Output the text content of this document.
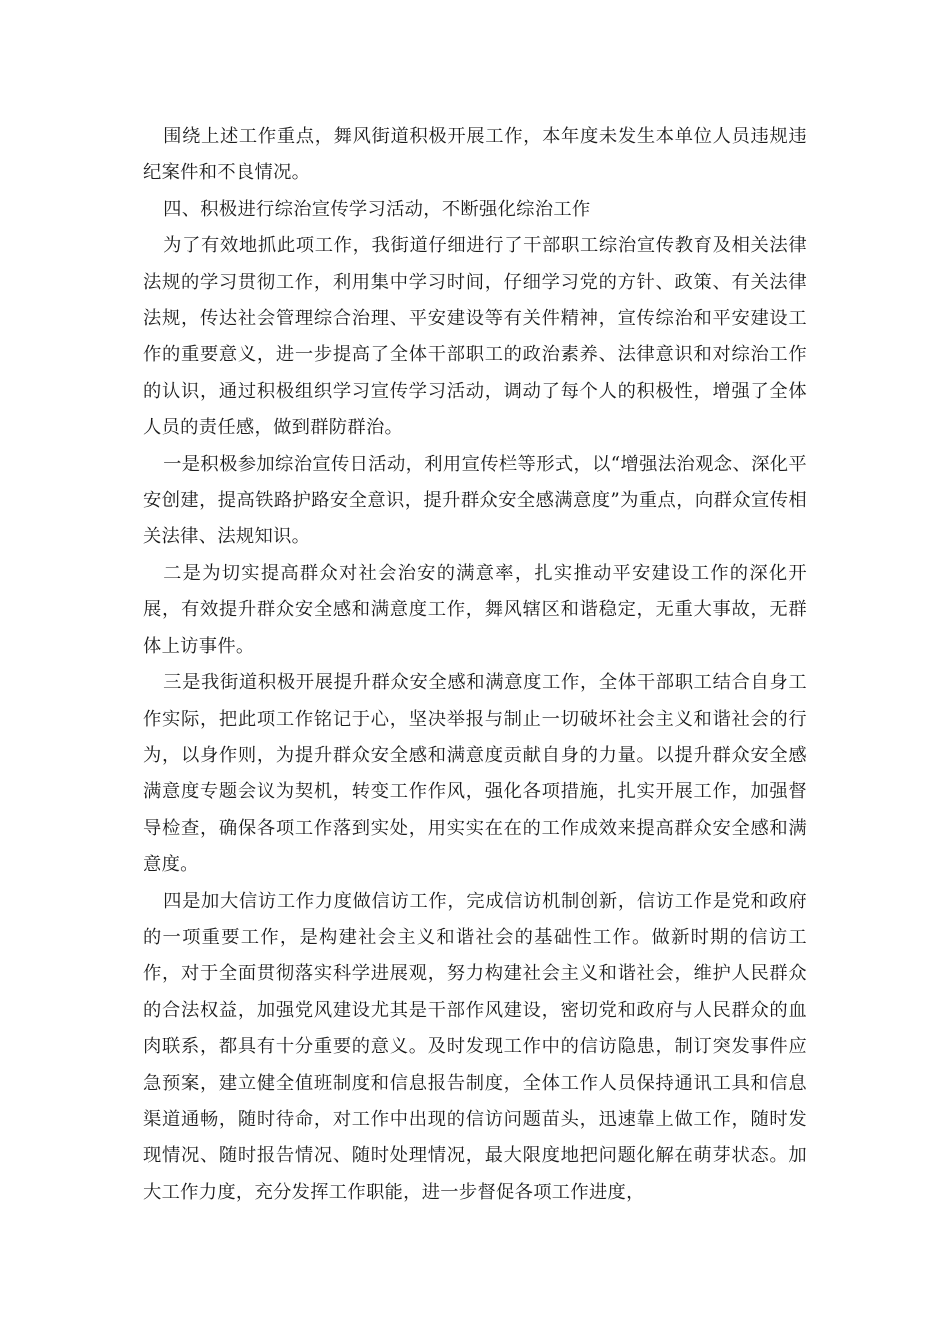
围绕上述工作重点，舞风街道积极开展工作，本年度未发生本单位人员违规违纪案件和不良情况。

四、积极进行综治宣传学习活动，不断强化综治工作

为了有效地抓此项工作，我街道仔细进行了干部职工综治宣传教育及相关法律法规的学习贯彻工作，利用集中学习时间，仔细学习党的方针、政策、有关法律法规，传达社会管理综合治理、平安建设等有关件精神，宣传综治和平安建设工作的重要意义，进一步提高了全体干部职工的政治素养、法律意识和对综治工作的认识，通过积极组织学习宣传学习活动，调动了每个人的积极性，增强了全体人员的责任感，做到群防群治。

一是积极参加综治宣传日活动，利用宣传栏等形式，以“增强法治观念、深化平安创建，提高铁路护路安全意识，提升群众安全感满意度”为重点，向群众宣传相关法律、法规知识。

二是为切实提高群众对社会治安的满意率，扎实推动平安建设工作的深化开展，有效提升群众安全感和满意度工作，舞风辖区和谐稳定，无重大事故，无群体上访事件。

三是我街道积极开展提升群众安全感和满意度工作，全体干部职工结合自身工作实际，把此项工作铭记于心，坚决举报与制止一切破坏社会主义和谐社会的行为，以身作则，为提升群众安全感和满意度贡献自身的力量。以提升群众安全感满意度专题会议为契机，转变工作作风，强化各项措施，扎实开展工作，加强督导检查，确保各项工作落到实处，用实实在在的工作成效来提高群众安全感和满意度。

四是加大信访工作力度做信访工作，完成信访机制创新，信访工作是党和政府的一项重要工作，是构建社会主义和谐社会的基础性工作。做新时期的信访工作，对于全面贯彻落实科学进展观，努力构建社会主义和谐社会，维护人民群众的合法权益，加强党风建设尤其是干部作风建设，密切党和政府与人民群众的血肉联系，都具有十分重要的意义。及时发现工作中的信访隐患，制订突发事件应急预案，建立健全值班制度和信息报告制度，全体工作人员保持通讯工具和信息渠道通畅，随时待命，对工作中出现的信访问题苗头，迅速靠上做工作，随时发现情况、随时报告情况、随时处理情况，最大限度地把问题化解在萌芽状态。加大工作力度，充分发挥工作职能，进一步督促各项工作进度，
